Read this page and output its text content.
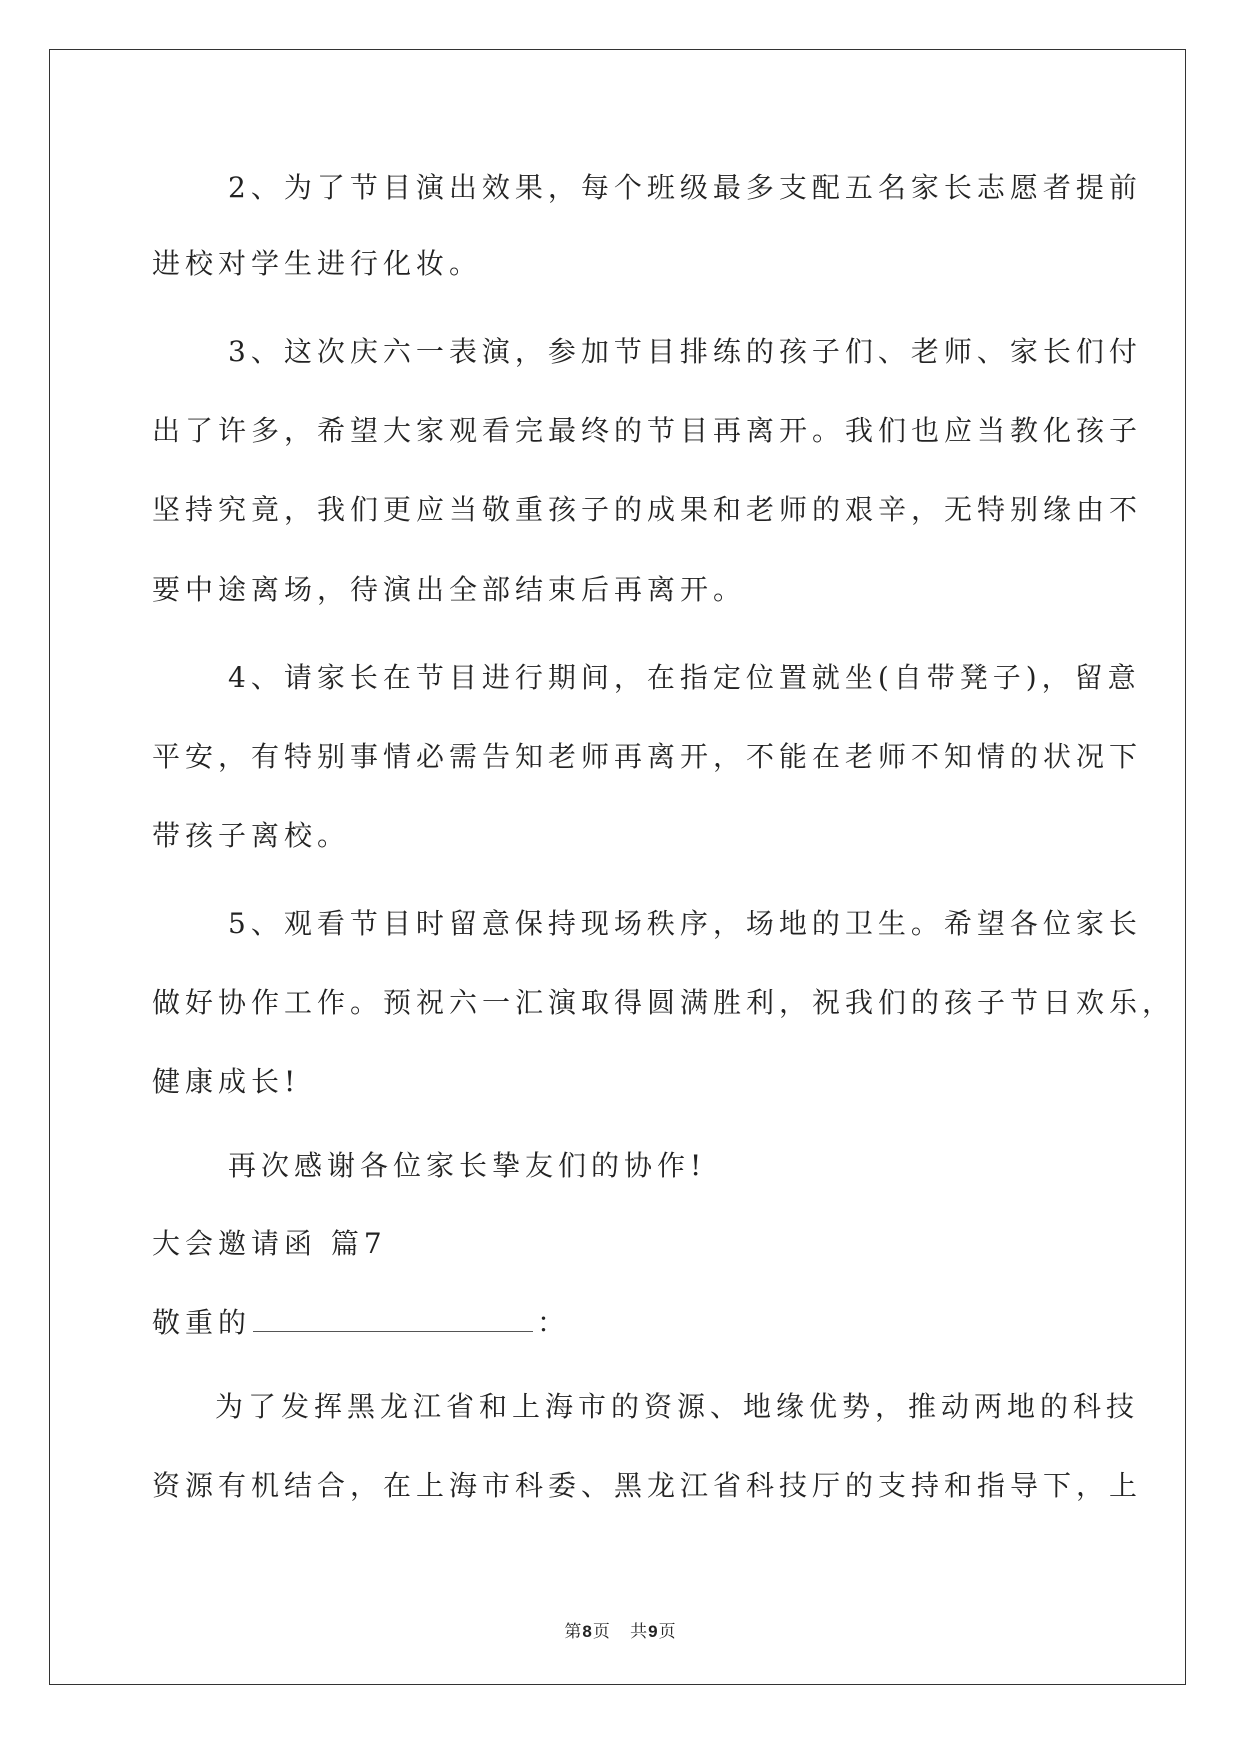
2、为了节目演出效果，每个班级最多支配五名家长志愿者提前
进校对学生进行化妆。
3、这次庆六一表演，参加节目排练的孩子们、老师、家长们付
出了许多，希望大家观看完最终的节目再离开。我们也应当教化孩子
坚持究竟，我们更应当敬重孩子的成果和老师的艰辛，无特别缘由不
要中途离场，待演出全部结束后再离开。
4、请家长在节目进行期间，在指定位置就坐(自带凳子)，留意
平安，有特别事情必需告知老师再离开，不能在老师不知情的状况下
带孩子离校。
5、观看节目时留意保持现场秩序，场地的卫生。希望各位家长
做好协作工作。预祝六一汇演取得圆满胜利，祝我们的孩子节日欢乐，
健康成长!
再次感谢各位家长挚友们的协作!
大会邀请函 篇7
敬重的	：
为了发挥黑龙江省和上海市的资源、地缘优势，推动两地的科技
资源有机结合，在上海市科委、黑龙江省科技厅的支持和指导下，上
第8页 共9页
